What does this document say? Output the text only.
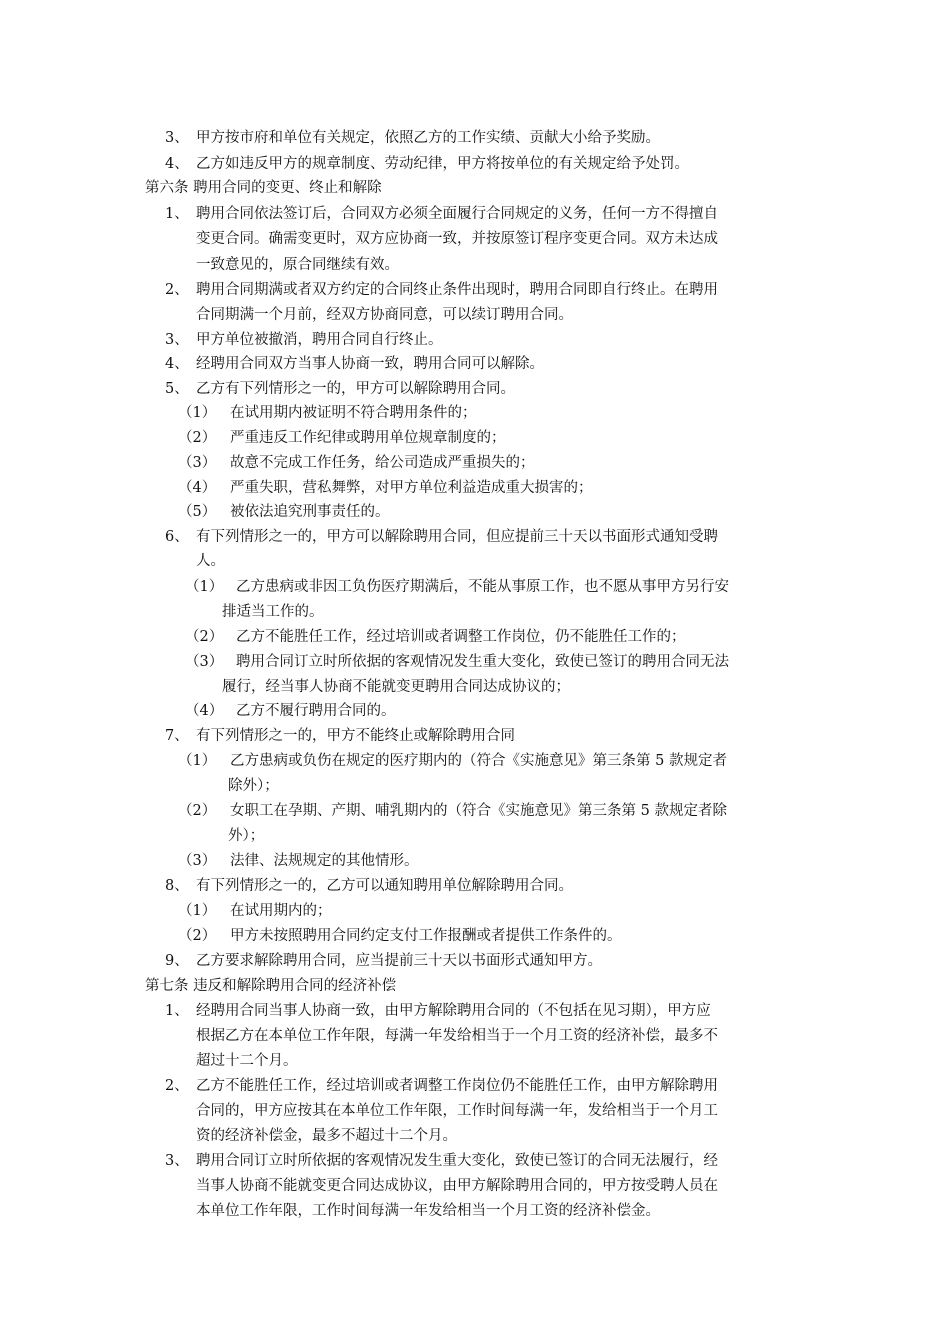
3、 甲方按市府和单位有关规定，依照乙方的工作实绩、贡献大小给予奖励。
4、 乙方如违反甲方的规章制度、劳动纪律，甲方将按单位的有关规定给予处罚。
第六条 聘用合同的变更、终止和解除
1、 聘用合同依法签订后，合同双方必须全面履行合同规定的义务，任何一方不得擅自
变更合同。确需变更时，双方应协商一致，并按原签订程序变更合同。双方未达成
一致意见的，原合同继续有效。
2、 聘用合同期满或者双方约定的合同终止条件出现时，聘用合同即自行终止。在聘用
合同期满一个月前，经双方协商同意，可以续订聘用合同。
3、 甲方单位被撤消，聘用合同自行终止。
4、 经聘用合同双方当事人协商一致，聘用合同可以解除。
5、 乙方有下列情形之一的，甲方可以解除聘用合同。
（1） 在试用期内被证明不符合聘用条件的；
（2） 严重违反工作纪律或聘用单位规章制度的；
（3） 故意不完成工作任务，给公司造成严重损失的；
（4） 严重失职，营私舞弊，对甲方单位利益造成重大损害的；
（5） 被依法追究刑事责任的。
6、 有下列情形之一的，甲方可以解除聘用合同，但应提前三十天以书面形式通知受聘
人。
（1） 乙方患病或非因工负伤医疗期满后，不能从事原工作，也不愿从事甲方另行安
排适当工作的。
（2） 乙方不能胜任工作，经过培训或者调整工作岗位，仍不能胜任工作的；
（3） 聘用合同订立时所依据的客观情况发生重大变化，致使已签订的聘用合同无法
履行，经当事人协商不能就变更聘用合同达成协议的；
（4） 乙方不履行聘用合同的。
7、 有下列情形之一的，甲方不能终止或解除聘用合同
（1） 乙方患病或负伤在规定的医疗期内的（符合《实施意见》第三条第 5 款规定者
除外）；
（2） 女职工在孕期、产期、哺乳期内的（符合《实施意见》第三条第 5 款规定者除
外）；
（3） 法律、法规规定的其他情形。
8、 有下列情形之一的，乙方可以通知聘用单位解除聘用合同。
（1） 在试用期内的；
（2） 甲方未按照聘用合同约定支付工作报酬或者提供工作条件的。
9、 乙方要求解除聘用合同，应当提前三十天以书面形式通知甲方。
第七条 违反和解除聘用合同的经济补偿
1、 经聘用合同当事人协商一致，由甲方解除聘用合同的（不包括在见习期），甲方应
根据乙方在本单位工作年限，每满一年发给相当于一个月工资的经济补偿，最多不
超过十二个月。
2、 乙方不能胜任工作，经过培训或者调整工作岗位仍不能胜任工作，由甲方解除聘用
合同的，甲方应按其在本单位工作年限，工作时间每满一年，发给相当于一个月工
资的经济补偿金，最多不超过十二个月。
3、 聘用合同订立时所依据的客观情况发生重大变化，致使已签订的合同无法履行，经
当事人协商不能就变更合同达成协议，由甲方解除聘用合同的，甲方按受聘人员在
本单位工作年限，工作时间每满一年发给相当一个月工资的经济补偿金。
